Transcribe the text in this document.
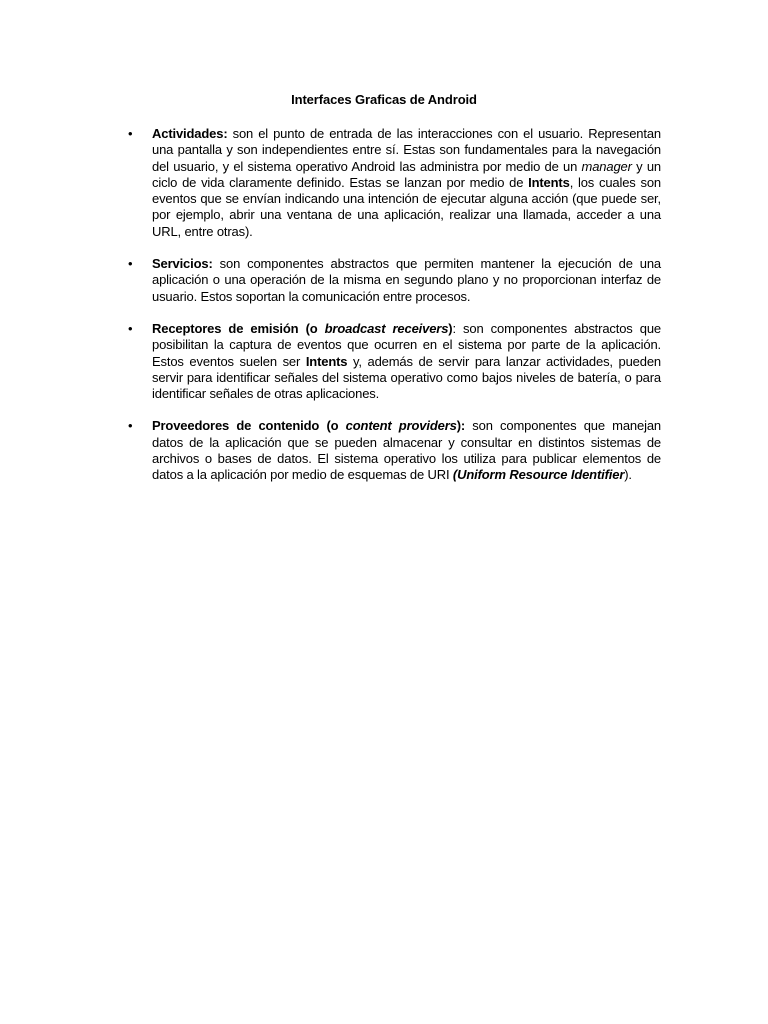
Interfaces Graficas de Android
• Actividades: son el punto de entrada de las interacciones con el usuario. Representan una pantalla y son independientes entre sí. Estas son fundamentales para la navegación del usuario, y el sistema operativo Android las administra por medio de un manager y un ciclo de vida claramente definido. Estas se lanzan por medio de Intents, los cuales son eventos que se envían indicando una intención de ejecutar alguna acción (que puede ser, por ejemplo, abrir una ventana de una aplicación, realizar una llamada, acceder a una URL, entre otras).
• Servicios: son componentes abstractos que permiten mantener la ejecución de una aplicación o una operación de la misma en segundo plano y no proporcionan interfaz de usuario. Estos soportan la comunicación entre procesos.
• Receptores de emisión (o broadcast receivers): son componentes abstractos que posibilitan la captura de eventos que ocurren en el sistema por parte de la aplicación. Estos eventos suelen ser Intents y, además de servir para lanzar actividades, pueden servir para identificar señales del sistema operativo como bajos niveles de batería, o para identificar señales de otras aplicaciones.
• Proveedores de contenido (o content providers): son componentes que manejan datos de la aplicación que se pueden almacenar y consultar en distintos sistemas de archivos o bases de datos. El sistema operativo los utiliza para publicar elementos de datos a la aplicación por medio de esquemas de URI (Uniform Resource Identifier).
